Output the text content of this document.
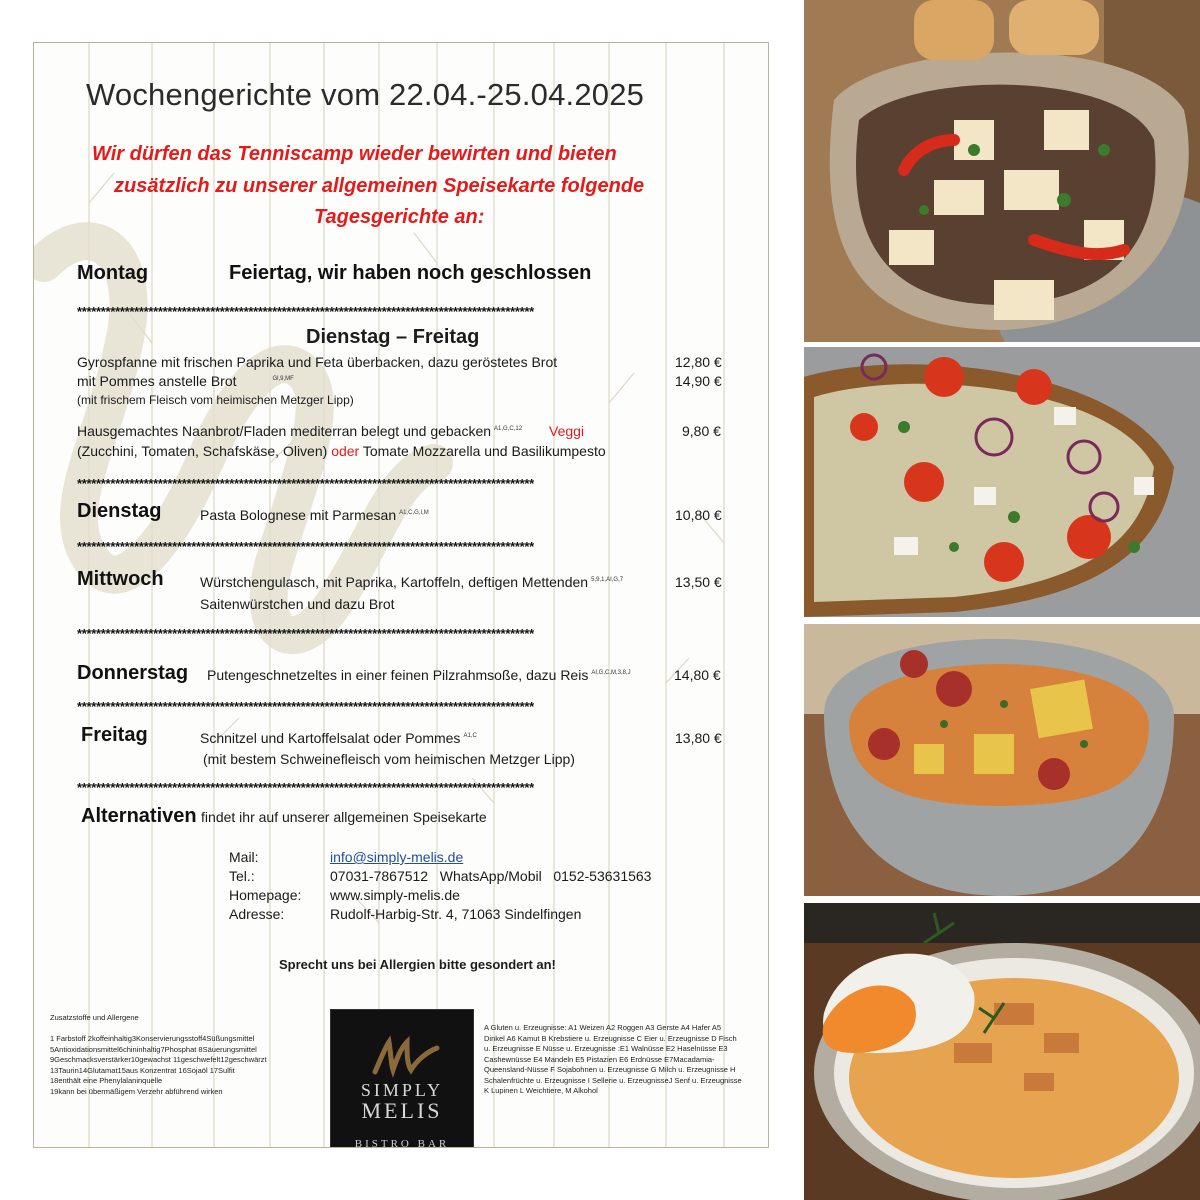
Wochengerichte vom 22.04.-25.04.2025
Wir dürfen das Tenniscamp wieder bewirten und bieten
zusätzlich zu unserer allgemeinen Speisekarte folgende
Tagesgerichte an:
Montag	Feiertag, wir haben noch geschlossen
************************************************************************************************
Dienstag – Freitag
Gyrospfanne mit frischen Paprika und Feta überbacken, dazu geröstetes Brot	12,80 €
mit Pommes anstelle Brot	$^{Gl,9,MF}$	14,90 €
(mit frischem Fleisch vom heimischen Metzger Lipp)
Hausgemachtes Naanbrot/Fladen mediterran belegt und gebacken $^{A1,G,C,12}$ Veggi	9,80 €
(Zucchini, Tomaten, Schafskäse, Oliven) oder Tomate Mozzarella und Basilikumpesto
************************************************************************************************
Dienstag	Pasta Bolognese mit Parmesan $^{A1,C,G,I,M}$	10,80 €
************************************************************************************************
Mittwoch	Würstchengulasch, mit Paprika, Kartoffeln, deftigen Mettenden $^{5,9,1,AI,G,7}$	13,50 €
Saitenwürstchen und dazu Brot
************************************************************************************************
Donnerstag Putengeschnetzeltes in einer feinen Pilzrahmsoße, dazu Reis $^{AI,G,C,M,3,8,J}$	14,80 €
************************************************************************************************
Freitag	Schnitzel und Kartoffelsalat oder Pommes $^{A1,C}$	13,80 €
(mit bestem Schweinefleisch vom heimischen Metzger Lipp)
************************************************************************************************
Alternativen findet ihr auf unserer allgemeinen Speisekarte
Mail:	info@simply-melis.de
Tel.:	07031-7867512   WhatsApp/Mobil   0152-53631563
Homepage: www.simply-melis.de
Adresse:	Rudolf-Harbig-Str. 4, 71063 Sindelfingen
Sprecht uns bei Allergien bitte gesondert an!
Zusatzstoffe und Allergene
1 Farbstoff 2koffeinhaltig3Konservierungsstoff4Süßungsmittel
5Antioxidationsmittel6chininhaltig7Phosphat 8Säuerungsmittel
9Geschmacksverstärker10gewachst 11geschwefelt12geschwärzt
13Taurin14Glutamat15aus Konzentrat 16Sojaöl 17Sulfit
18enthält eine Phenylalaninquelle
19kann bei übermäßigem Verzehr abführend wirken	SIMPLY
MELIS
BISTRO BAR
A Gluten u. Erzeugnisse: A1 Weizen A2 Roggen A3 Gerste A4 Hafer A5 Dinkel A6 Kamut B Krebstiere u. Erzeugnisse C Eier u. Erzeugnisse D Fisch u. Erzeugnisse E Nüsse u. Erzeugnisse :E1 Walnüsse E2 Haselnüsse E3 Cashewnüsse E4 Mandeln E5 Pistazien E6 Erdnüsse E7Macadamia-Queensland-Nüsse F Sojabohnen u. Erzeugnisse G Milch u. Erzeugnisse H Schalenfrüchte u. Erzeugnisse I Sellerie u. ErzeugnisseJ Senf u. Erzeugnisse K Lupinen L Weichtiere, M Alkohol
